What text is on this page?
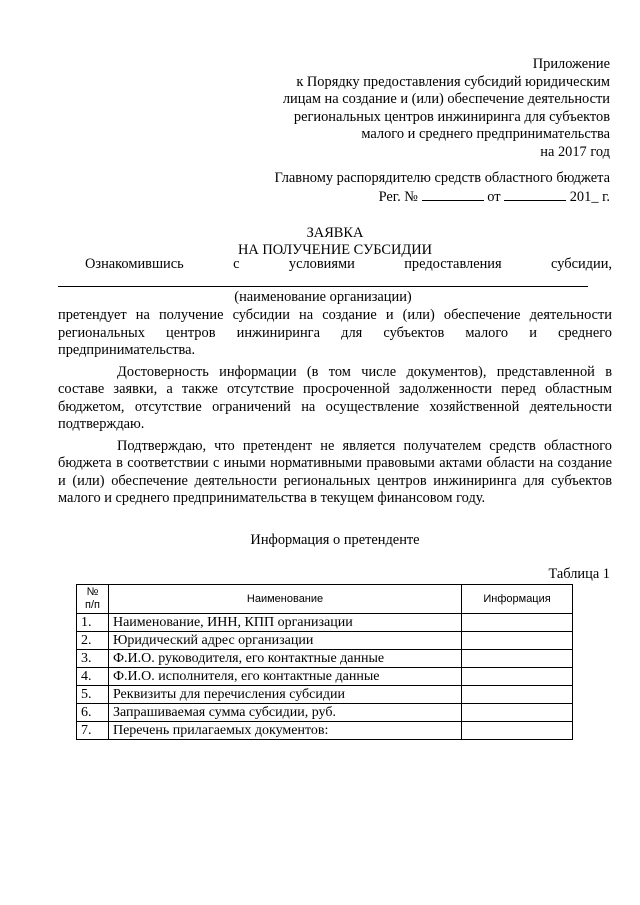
Приложение
к Порядку предоставления субсидий юридическим
лицам на создание и (или) обеспечение деятельности
региональных центров инжиниринга для субъектов
малого и среднего предпринимательства
на 2017 год
Главному распорядителю средств областного бюджета
Рег. №	от	201_ г.
ЗАЯВКА
НА ПОЛУЧЕНИЕ СУБСИДИИ
Ознакомившись с условиями предоставления субсидии,
(наименование организации)

претендует на получение субсидии на создание и (или) обеспечение деятельности региональных центров инжиниринга для субъектов малого и среднего предпринимательства.

Достоверность информации (в том числе документов), представленной в составе заявки, а также отсутствие просроченной задолженности перед областным бюджетом, отсутствие ограничений на осуществление хозяйственной деятельности подтверждаю.

Подтверждаю, что претендент не является получателем средств областного бюджета в соответствии с иными нормативными правовыми актами области на создание и (или) обеспечение деятельности региональных центров инжиниринга для субъектов малого и среднего предпринимательства в текущем финансовом году.

Информация о претенденте
Таблица 1
№ п/п	Наименование	Информация
1.	Наименование, ИНН, КПП организации	
2.	Юридический адрес организации	
3.	Ф.И.О. руководителя, его контактные данные	
4.	Ф.И.О. исполнителя, его контактные данные	
5.	Реквизиты для перечисления субсидии	
6.	Запрашиваемая сумма субсидии, руб.	
7.	Перечень прилагаемых документов:	
